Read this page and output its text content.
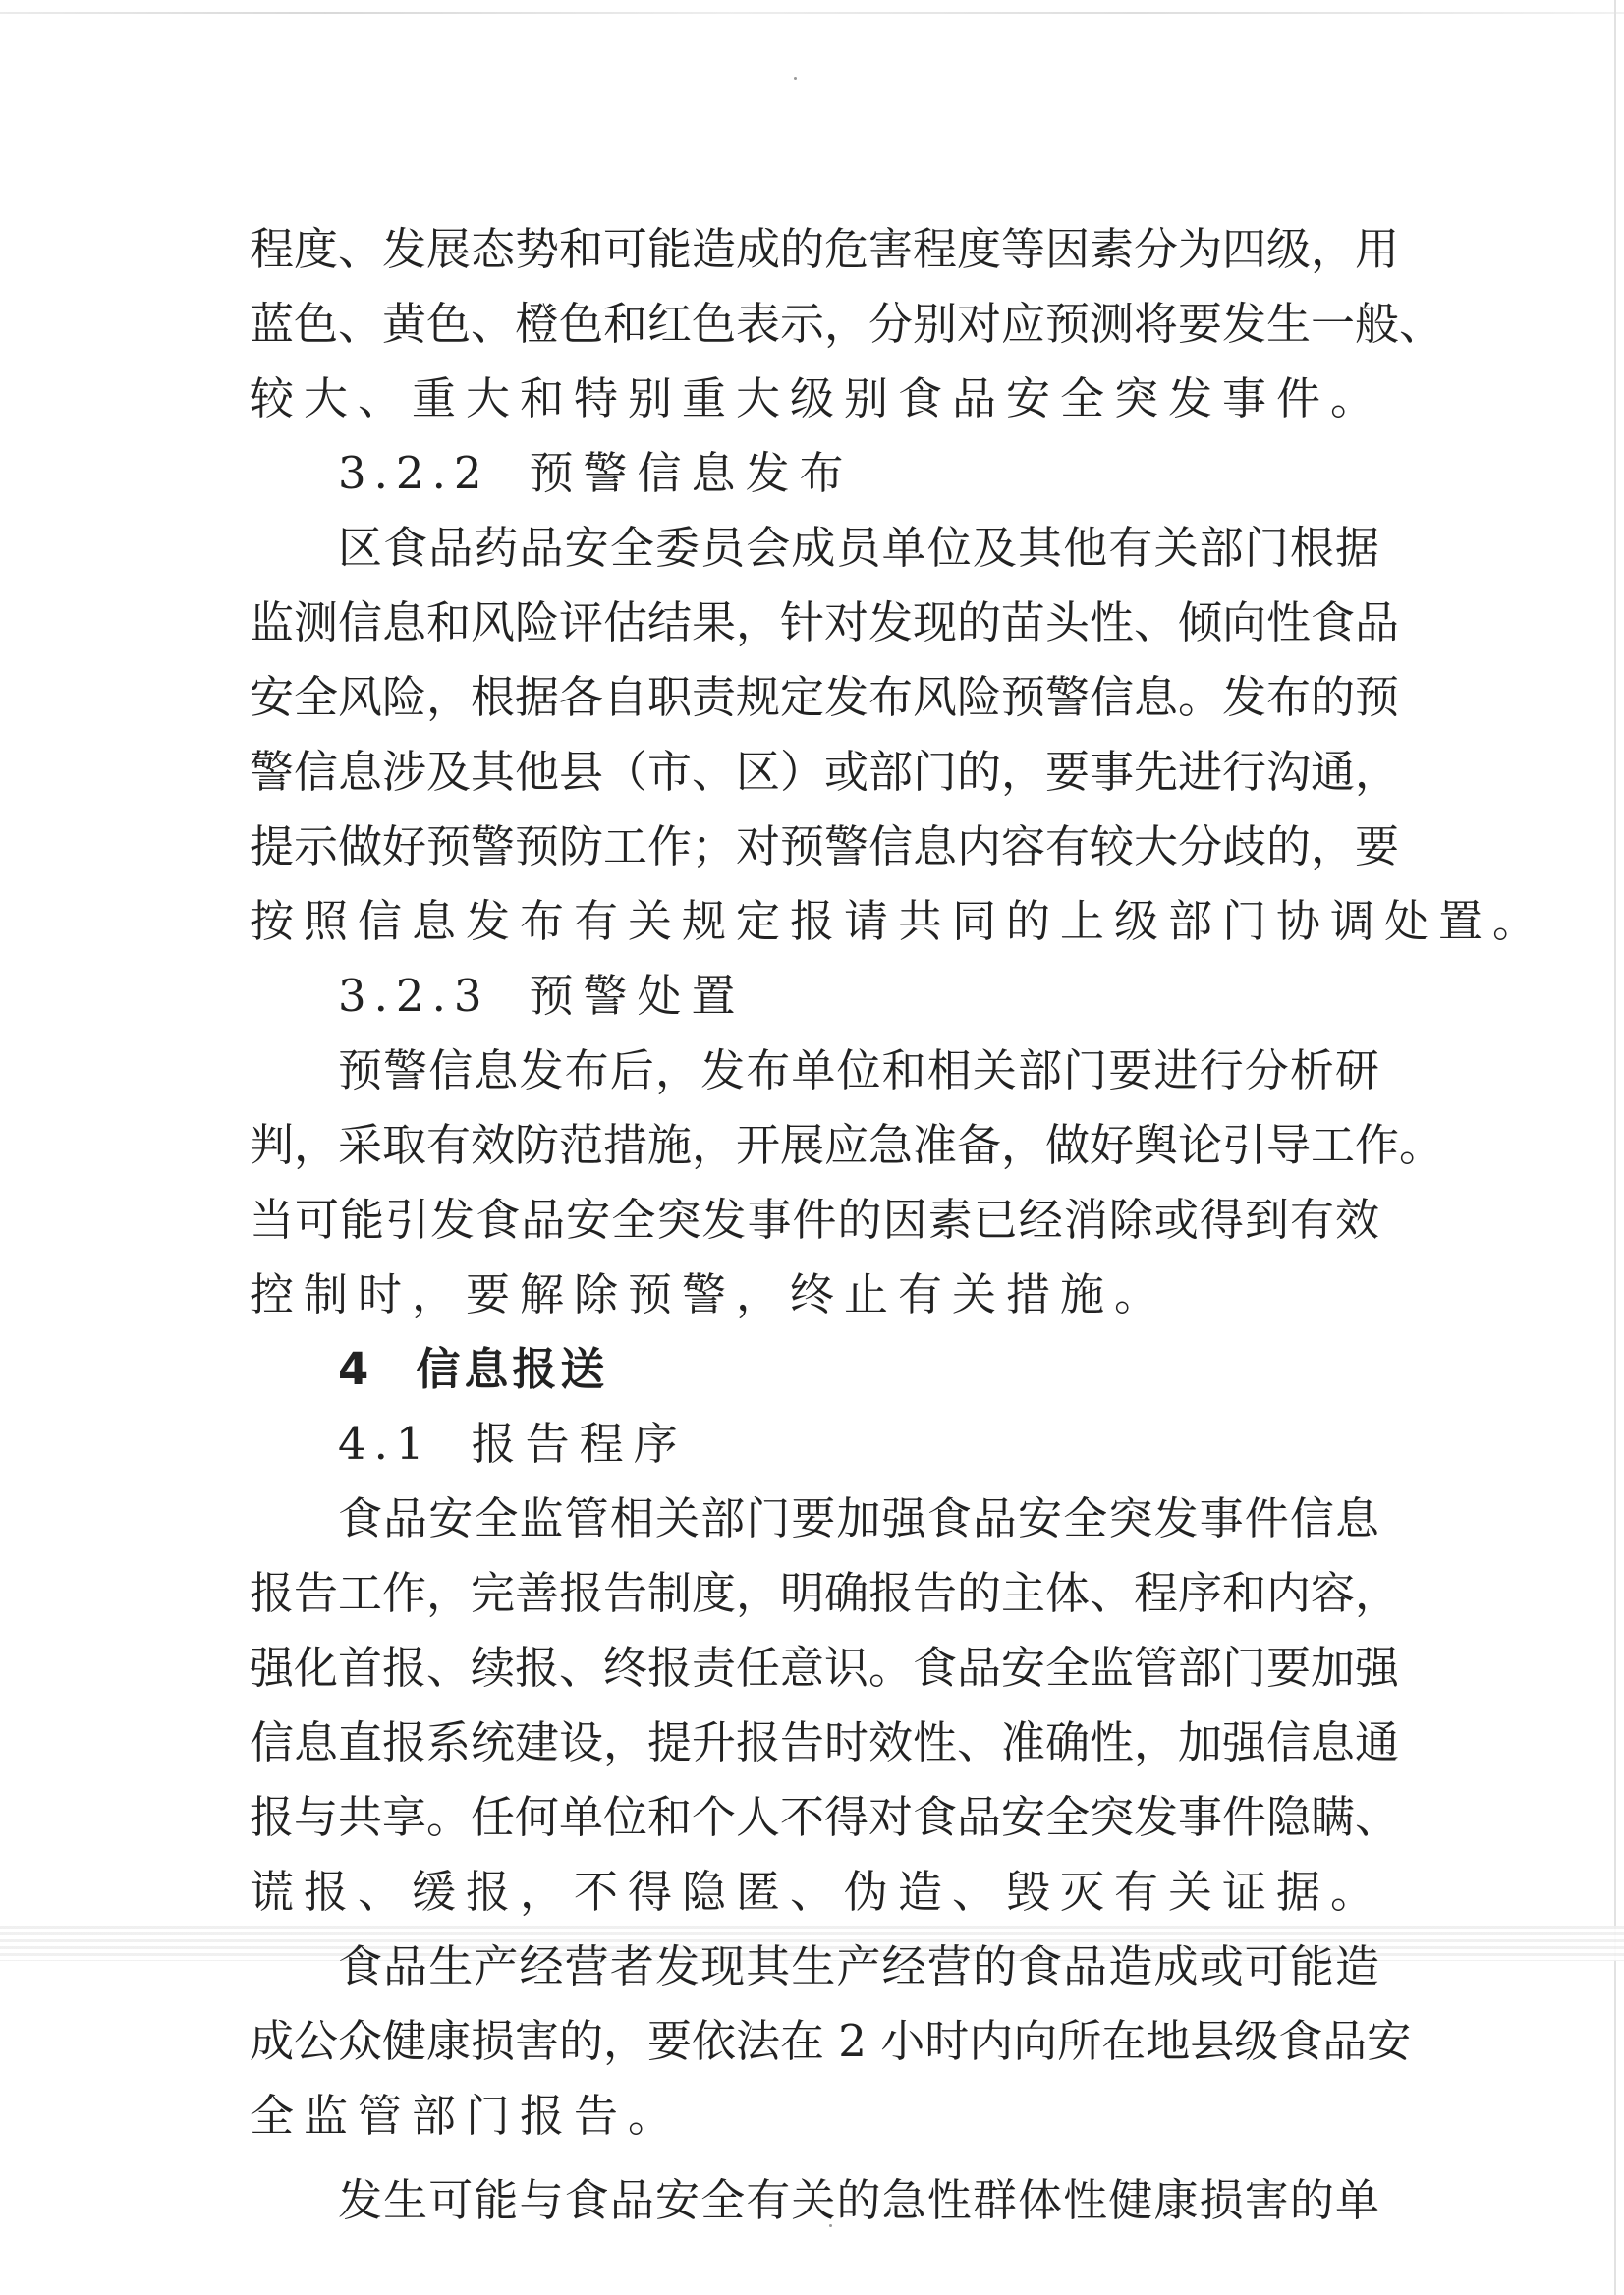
程度、发展态势和可能造成的危害程度等因素分为四级，用
蓝色、黄色、橙色和红色表示，分别对应预测将要发生一般、
较大、重大和特别重大级别食品安全突发事件。
3.2.2 预警信息发布
区食品药品安全委员会成员单位及其他有关部门根据
监测信息和风险评估结果，针对发现的苗头性、倾向性食品
安全风险，根据各自职责规定发布风险预警信息。发布的预
警信息涉及其他县（市、区）或部门的，要事先进行沟通，
提示做好预警预防工作；对预警信息内容有较大分歧的，要
按照信息发布有关规定报请共同的上级部门协调处置。
3.2.3 预警处置
预警信息发布后，发布单位和相关部门要进行分析研
判，采取有效防范措施，开展应急准备，做好舆论引导工作。
当可能引发食品安全突发事件的因素已经消除或得到有效
控制时，要解除预警，终止有关措施。
4 信息报送
4.1 报告程序
食品安全监管相关部门要加强食品安全突发事件信息
报告工作，完善报告制度，明确报告的主体、程序和内容，
强化首报、续报、终报责任意识。食品安全监管部门要加强
信息直报系统建设，提升报告时效性、准确性，加强信息通
报与共享。任何单位和个人不得对食品安全突发事件隐瞒、
谎报、缓报，不得隐匿、伪造、毁灭有关证据。
食品生产经营者发现其生产经营的食品造成或可能造
成公众健康损害的，要依法在 2 小时内向所在地县级食品安
全监管部门报告。
发生可能与食品安全有关的急性群体性健康损害的单
